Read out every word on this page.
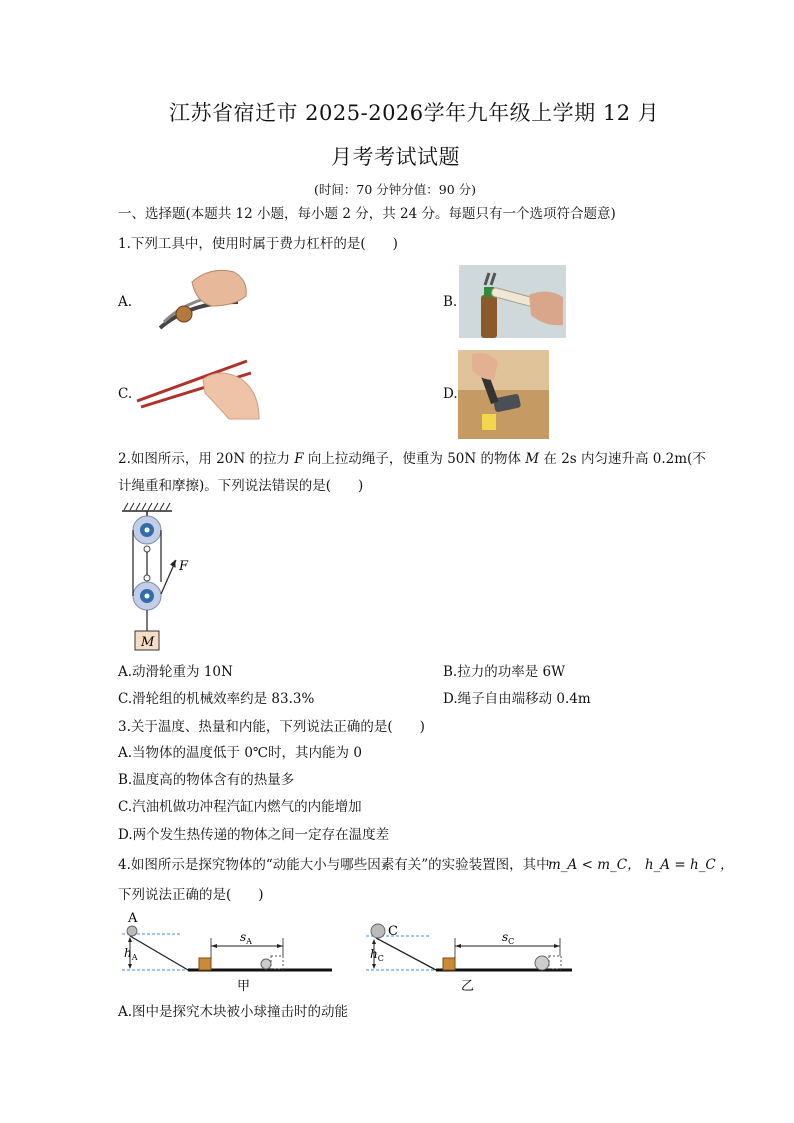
江苏省宿迁市 2025-2026学年九年级上学期 12 月
月考考试试题
(时间：70 分钟分值：90 分)
一、选择题(本题共 12 小题，每小题 2 分，共 24 分。每题只有一个选项符合题意)
1.下列工具中，使用时属于费力杠杆的是(　　)
A.	B.
C.	D.
2.如图所示，用 20N 的拉力 F 向上拉动绳子，使重为 50N 的物体 M 在 2s 内匀速升高 0.2m(不
计绳重和摩擦)。下列说法错误的是(　　)
F
M
A.动滑轮重为 10N	B.拉力的功率是 6W
C.滑轮组的机械效率约是 83.3%	D.绳子自由端移动 0.4m
3.关于温度、热量和内能，下列说法正确的是(　　)
A.当物体的温度低于 0℃时，其内能为 0
B.温度高的物体含有的热量多
C.汽油机做功冲程汽缸内燃气的内能增加
D.两个发生热传递的物体之间一定存在温度差
4.如图所示是探究物体的“动能大小与哪些因素有关”的实验装置图，其中
m_A < m_C， h_A = h_C ，
下列说法正确的是(　　)
A
$h_A$
$s_A$
甲
C
$h_C$
$s_C$
乙
A.图中是探究木块被小球撞击时的动能
